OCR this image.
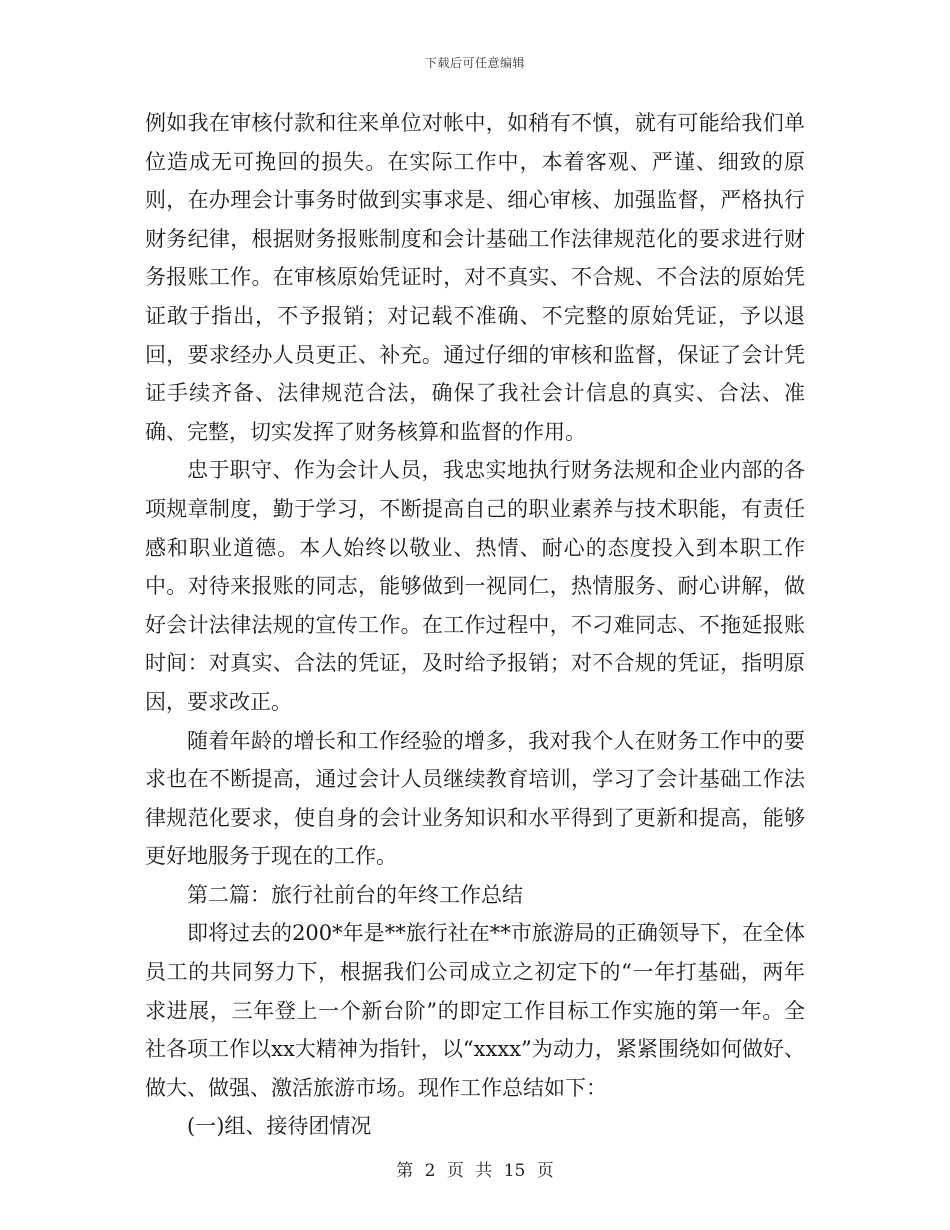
下载后可任意编辑

例如我在审核付款和往来单位对帐中，如稍有不慎，就有可能给我们单位造成无可挽回的损失。在实际工作中，本着客观、严谨、细致的原则，在办理会计事务时做到实事求是、细心审核、加强监督，严格执行财务纪律，根据财务报账制度和会计基础工作法律规范化的要求进行财务报账工作。在审核原始凭证时，对不真实、不合规、不合法的原始凭证敢于指出，不予报销；对记载不准确、不完整的原始凭证，予以退回，要求经办人员更正、补充。通过仔细的审核和监督，保证了会计凭证手续齐备、法律规范合法，确保了我社会计信息的真实、合法、准确、完整，切实发挥了财务核算和监督的作用。

忠于职守、作为会计人员，我忠实地执行财务法规和企业内部的各项规章制度，勤于学习，不断提高自己的职业素养与技术职能，有责任感和职业道德。本人始终以敬业、热情、耐心的态度投入到本职工作中。对待来报账的同志，能够做到一视同仁，热情服务、耐心讲解，做好会计法律法规的宣传工作。在工作过程中，不刁难同志、不拖延报账时间：对真实、合法的凭证，及时给予报销；对不合规的凭证，指明原因，要求改正。

随着年龄的增长和工作经验的增多，我对我个人在财务工作中的要求也在不断提高，通过会计人员继续教育培训，学习了会计基础工作法律规范化要求，使自身的会计业务知识和水平得到了更新和提高，能够更好地服务于现在的工作。

第二篇：旅行社前台的年终工作总结

即将过去的200*年是**旅行社在**市旅游局的正确领导下，在全体员工的共同努力下，根据我们公司成立之初定下的“一年打基础，两年求进展，三年登上一个新台阶”的即定工作目标工作实施的第一年。全社各项工作以xx大精神为指针，以“xxxx”为动力，紧紧围绕如何做好、做大、做强、激活旅游市场。现作工作总结如下：

(一)组、接待团情况

第 2 页 共 15 页
